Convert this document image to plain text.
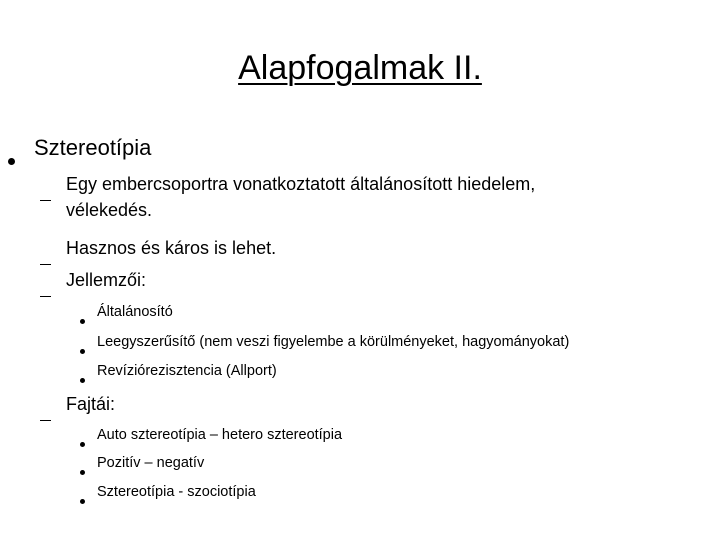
Alapfogalmak II.
Sztereotípia
Egy embercsoportra vonatkoztatott általánosított hiedelem,
vélekedés.
Hasznos és káros is lehet.
Jellemzői:
Általánosító
Leegyszerűsítő (nem veszi figyelembe a körülményeket, hagyományokat)
Revíziórezisztencia (Allport)
Fajtái:
Auto sztereotípia – hetero sztereotípia
Pozitív – negatív
Sztereotípia - szociotípia
